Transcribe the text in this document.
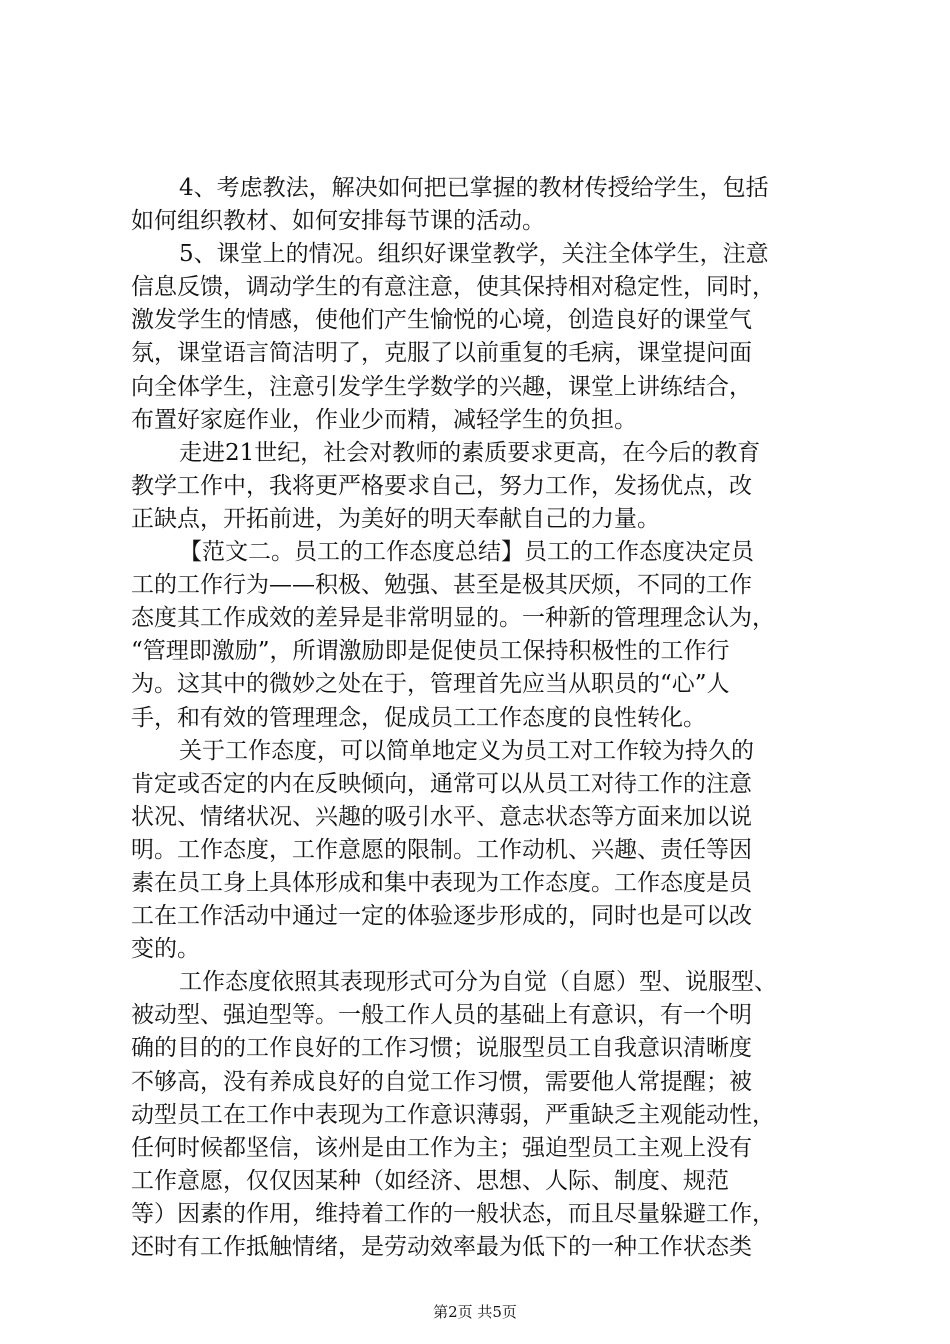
4、考虑教法，解决如何把已掌握的教材传授给学生，包括
如何组织教材、如何安排每节课的活动。
5、课堂上的情况。组织好课堂教学，关注全体学生，注意
信息反馈，调动学生的有意注意，使其保持相对稳定性，同时，
激发学生的情感，使他们产生愉悦的心境，创造良好的课堂气
氛，课堂语言简洁明了，克服了以前重复的毛病，课堂提问面
向全体学生，注意引发学生学数学的兴趣，课堂上讲练结合，
布置好家庭作业，作业少而精，减轻学生的负担。
走进21世纪，社会对教师的素质要求更高，在今后的教育
教学工作中，我将更严格要求自己，努力工作，发扬优点，改
正缺点，开拓前进，为美好的明天奉献自己的力量。
【范文二。员工的工作态度总结】员工的工作态度决定员
工的工作行为——积极、勉强、甚至是极其厌烦，不同的工作
态度其工作成效的差异是非常明显的。一种新的管理理念认为，
“管理即激励”，所谓激励即是促使员工保持积极性的工作行
为。这其中的微妙之处在于，管理首先应当从职员的“心”人
手，和有效的管理理念，促成员工工作态度的良性转化。
关于工作态度，可以简单地定义为员工对工作较为持久的
肯定或否定的内在反映倾向，通常可以从员工对待工作的注意
状况、情绪状况、兴趣的吸引水平、意志状态等方面来加以说
明。工作态度，工作意愿的限制。工作动机、兴趣、责任等因
素在员工身上具体形成和集中表现为工作态度。工作态度是员
工在工作活动中通过一定的体验逐步形成的，同时也是可以改
变的。
工作态度依照其表现形式可分为自觉（自愿）型、说服型、
被动型、强迫型等。一般工作人员的基础上有意识，有一个明
确的目的的工作良好的工作习惯；说服型员工自我意识清晰度
不够高，没有养成良好的自觉工作习惯，需要他人常提醒；被
动型员工在工作中表现为工作意识薄弱，严重缺乏主观能动性，
任何时候都坚信，该州是由工作为主；强迫型员工主观上没有
工作意愿，仅仅因某种（如经济、思想、人际、制度、规范
等）因素的作用，维持着工作的一般状态，而且尽量躲避工作，
还时有工作抵触情绪，是劳动效率最为低下的一种工作状态类
第2页 共5页
